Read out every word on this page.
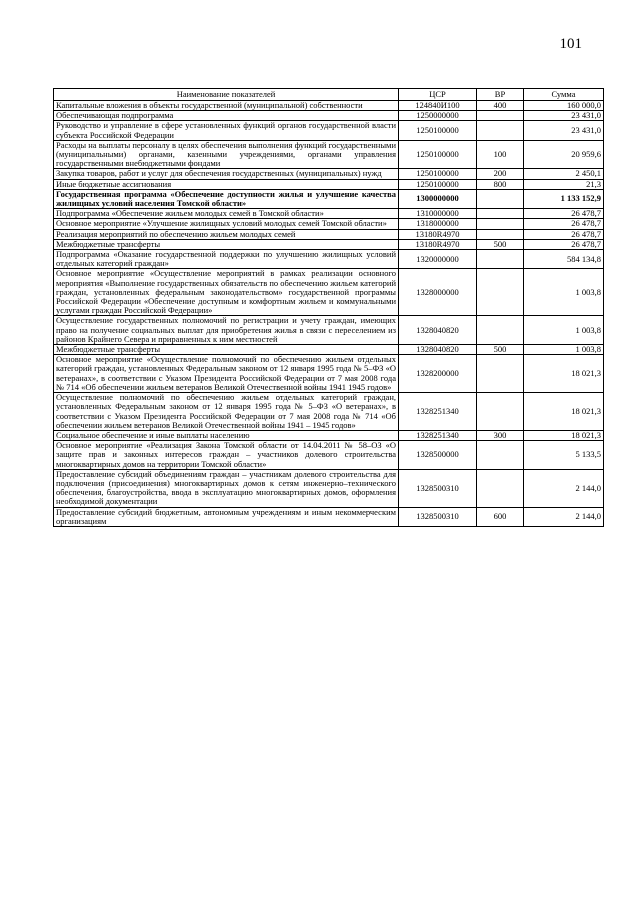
101
Наименование показателей	ЦСР	ВР	Сумма
Капитальные вложения в объекты государственной (муниципальной) собственности	124840И100	400	160 000,0
Обеспечивающая подпрограмма	1250000000		23 431,0
Руководство и управление в сфере установленных функций органов государственной власти субъекта Российской Федерации	1250100000		23 431,0
Расходы на выплаты персоналу в целях обеспечения выполнения функций государственными (муниципальными) органами, казенными учреждениями, органами управления государственными внебюджетными фондами	1250100000	100	20 959,6
Закупка товаров, работ и услуг для обеспечения государственных (муниципальных) нужд	1250100000	200	2 450,1
Иные бюджетные ассигнования	1250100000	800	21,3
Государственная программа «Обеспечение доступности жилья и улучшение качества жилищных условий населения Томской области»	1300000000		1 133 152,9
Подпрограмма «Обеспечение жильем молодых семей в Томской области»	1310000000		26 478,7
Основное мероприятие «Улучшение жилищных условий молодых семей Томской области»	1318000000		26 478,7
Реализация мероприятий по обеспечению жильем молодых семей	13180R4970		26 478,7
Межбюджетные трансферты	13180R4970	500	26 478,7
Подпрограмма «Оказание государственной поддержки по улучшению жилищных условий отдельных категорий граждан»	1320000000		584 134,8
Основное мероприятие «Осуществление мероприятий в рамках реализации основного мероприятия «Выполнение государственных обязательств по обеспечению жильем категорий граждан, установленных федеральным законодательством» государственной программы Российской Федерации «Обеспечение доступным и комфортным жильем и коммунальными услугами граждан Российской Федерации»	1328000000		1 003,8
Осуществление государственных полномочий по регистрации и учету граждан, имеющих право на получение социальных выплат для приобретения жилья в связи с переселением из районов Крайнего Севера и приравненных к ним местностей	1328040820		1 003,8
Межбюджетные трансферты	1328040820	500	1 003,8
Основное мероприятие «Осуществление полномочий по обеспечению жильем отдельных категорий граждан, установленных Федеральным законом от 12 января 1995 года № 5–ФЗ «О ветеранах», в соответствии с Указом Президента Российской Федерации от 7 мая 2008 года № 714 «Об обеспечении жильем ветеранов Великой Отечественной войны 1941 1945 годов»	1328200000		18 021,3
Осуществление полномочий по обеспечению жильем отдельных категорий граждан, установленных Федеральным законом от 12 января 1995 года № 5–ФЗ «О ветеранах», в соответствии с Указом Президента Российской Федерации от 7 мая 2008 года № 714 «Об обеспечении жильем ветеранов Великой Отечественной войны 1941 – 1945 годов»	1328251340		18 021,3
Социальное обеспечение и иные выплаты населению	1328251340	300	18 021,3
Основное мероприятие «Реализация Закона Томской области от 14.04.2011 № 58–ОЗ «О защите прав и законных интересов граждан – участников долевого строительства многоквартирных домов на территории Томской области»	1328500000		5 133,5
Предоставление субсидий объединениям граждан – участникам долевого строительства для подключения (присоединения) многоквартирных домов к сетям инженерно–технического обеспечения, благоустройства, ввода в эксплуатацию многоквартирных домов, оформления необходимой документации	1328500310		2 144,0
Предоставление субсидий бюджетным, автономным учреждениям и иным некоммерческим организациям	1328500310	600	2 144,0
